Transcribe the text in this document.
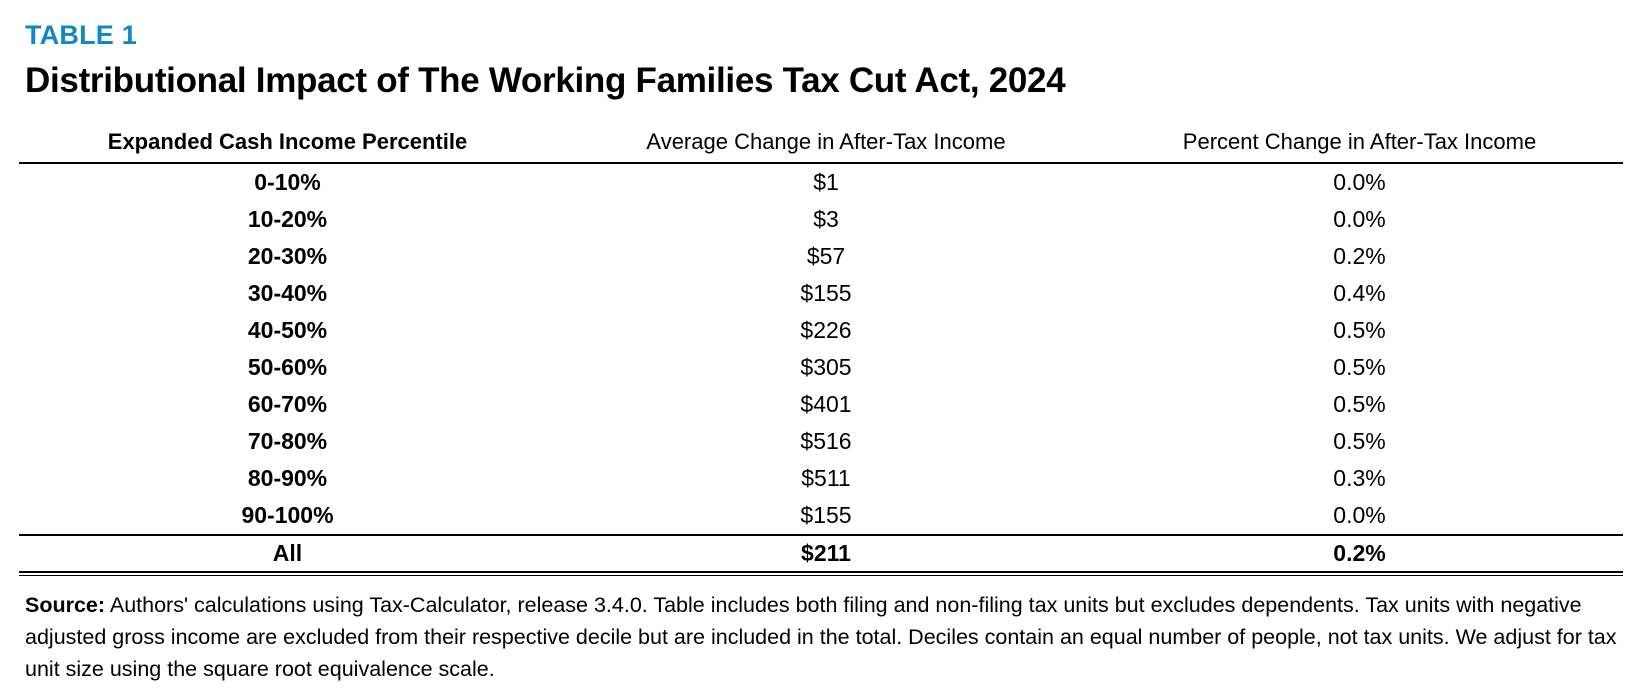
TABLE 1
Distributional Impact of The Working Families Tax Cut Act, 2024
Expanded Cash Income Percentile	Average Change in After-Tax Income	Percent Change in After-Tax Income
0-10%	$1	0.0%
10-20%	$3	0.0%
20-30%	$57	0.2%
30-40%	$155	0.4%
40-50%	$226	0.5%
50-60%	$305	0.5%
60-70%	$401	0.5%
70-80%	$516	0.5%
80-90%	$511	0.3%
90-100%	$155	0.0%
All	$211	0.2%
Source: Authors' calculations using Tax-Calculator, release 3.4.0. Table includes both filing and non-filing tax units but excludes dependents. Tax units with negative adjusted gross income are excluded from their respective decile but are included in the total. Deciles contain an equal number of people, not tax units. We adjust for tax unit size using the square root equivalence scale.
